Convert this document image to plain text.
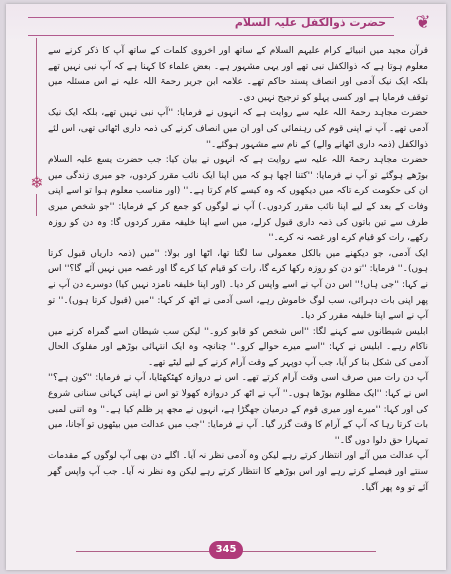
حضرت ذوالکفل علیہ السلام	❦
❄

قرآن مجید میں انبیائے کرام علیہم السلام کے ساتھ اور اخروی کلمات کے ساتھ آپ کا ذکر کرنے سے معلوم ہوتا ہے کہ ذوالکفل نبی تھے اور یہی مشہور ہے۔ بعض علماء کا کہنا ہے کہ آپ نبی نہیں تھے بلکہ ایک نیک آدمی اور انصاف پسند حاکم تھے۔ علامہ ابن جریر رحمۃ اللہ علیہ نے اس مسئلہ میں توقف فرمایا ہے اور کسی پہلو کو ترجیح نہیں دی۔

حضرت مجاہد رحمۃ اللہ علیہ سے روایت ہے کہ انہوں نے فرمایا: ''آپ نبی نہیں تھے، بلکہ ایک نیک آدمی تھے۔ آپ نے اپنی قوم کی رہنمائی کی اور ان میں انصاف کرنے کی ذمہ داری اٹھائی تھی، اس لئے ذوالکفل (ذمہ داری اٹھانے والے) کے نام سے مشہور ہوگئے۔''

حضرت مجاہد رحمۃ اللہ علیہ سے روایت ہے کہ انہوں نے بیان کیا: جب حضرت یسع علیہ السلام بوڑھے ہوگئے تو آپ نے فرمایا: ''کتنا اچھا ہو کہ میں اپنا ایک نائب مقرر کردوں، جو میری زندگی میں ان کی حکومت کرے تاکہ میں دیکھوں کہ وہ کیسے کام کرتا ہے۔'' (اور مناسب معلوم ہوا تو اسے اپنی وفات کے بعد کے لیے اپنا نائب مقرر کردوں۔) آپ نے لوگوں کو جمع کر کے فرمایا: ''جو شخص میری طرف سے تین باتوں کی ذمہ داری قبول کرلے، میں اسے اپنا خلیفہ مقرر کردوں گا: وہ دن کو روزہ رکھے، رات کو قیام کرے اور غصہ نہ کرے۔''

ایک آدمی، جو دیکھنے میں بالکل معمولی سا لگتا تھا، اٹھا اور بولا: ''میں (ذمہ داریاں قبول کرتا ہوں)۔'' فرمایا: ''تو دن کو روزہ رکھا کرے گا، رات کو قیام کیا کرے گا اور غصہ میں نہیں آئے گا؟'' اس نے کہا: ''جی ہاں!'' اس دن آپ نے اسے واپس کر دیا۔ (اور اپنا خلیفہ نامزد نہیں کیا) دوسرے دن آپ نے پھر اپنی بات دہرائی، سب لوگ خاموش رہے، اسی آدمی نے اٹھ کر کہا: ''میں (قبول کرتا ہوں)۔'' تو آپ نے اسے اپنا خلیفہ مقرر کر دیا۔

ابلیس شیطانوں سے کہنے لگا: ''اس شخص کو قابو کرو۔'' لیکن سب شیطان اسے گمراہ کرنے میں ناکام رہے۔ ابلیس نے کہا: ''اسے میرے حوالے کرو۔'' چنانچہ وہ ایک انتہائی بوڑھے اور مفلوک الحال آدمی کی شکل بنا کر آیا، جب آپ دوپہر کے وقت آرام کرنے کے لیے لیٹے تھے۔

آپ دن رات میں صرف اسی وقت آرام کرتے تھے۔ اس نے دروازہ کھٹکھٹایا، آپ نے فرمایا: ''کون ہے؟'' اس نے کہا: ''ایک مظلوم بوڑھا ہوں۔'' آپ نے اٹھ کر دروازہ کھولا تو اس نے اپنی کہانی سنانی شروع کی اور کہا: ''میرے اور میری قوم کے درمیان جھگڑا ہے، انہوں نے مجھ پر ظلم کیا ہے۔'' وہ اتنی لمبی بات کرتا رہا کہ آپ کے آرام کا وقت گزر گیا۔ آپ نے فرمایا: ''جب میں عدالت میں بیٹھوں تو آجانا، میں تمہارا حق دلوا دوں گا۔''

آپ عدالت میں آئے اور انتظار کرتے رہے لیکن وہ آدمی نظر نہ آیا۔ اگلے دن بھی آپ لوگوں کے مقدمات سنتے اور فیصلے کرتے رہے اور اس بوڑھے کا انتظار کرتے رہے لیکن وہ نظر نہ آیا۔ جب آپ واپس گھر آئے تو وہ پھر آگیا۔

345
